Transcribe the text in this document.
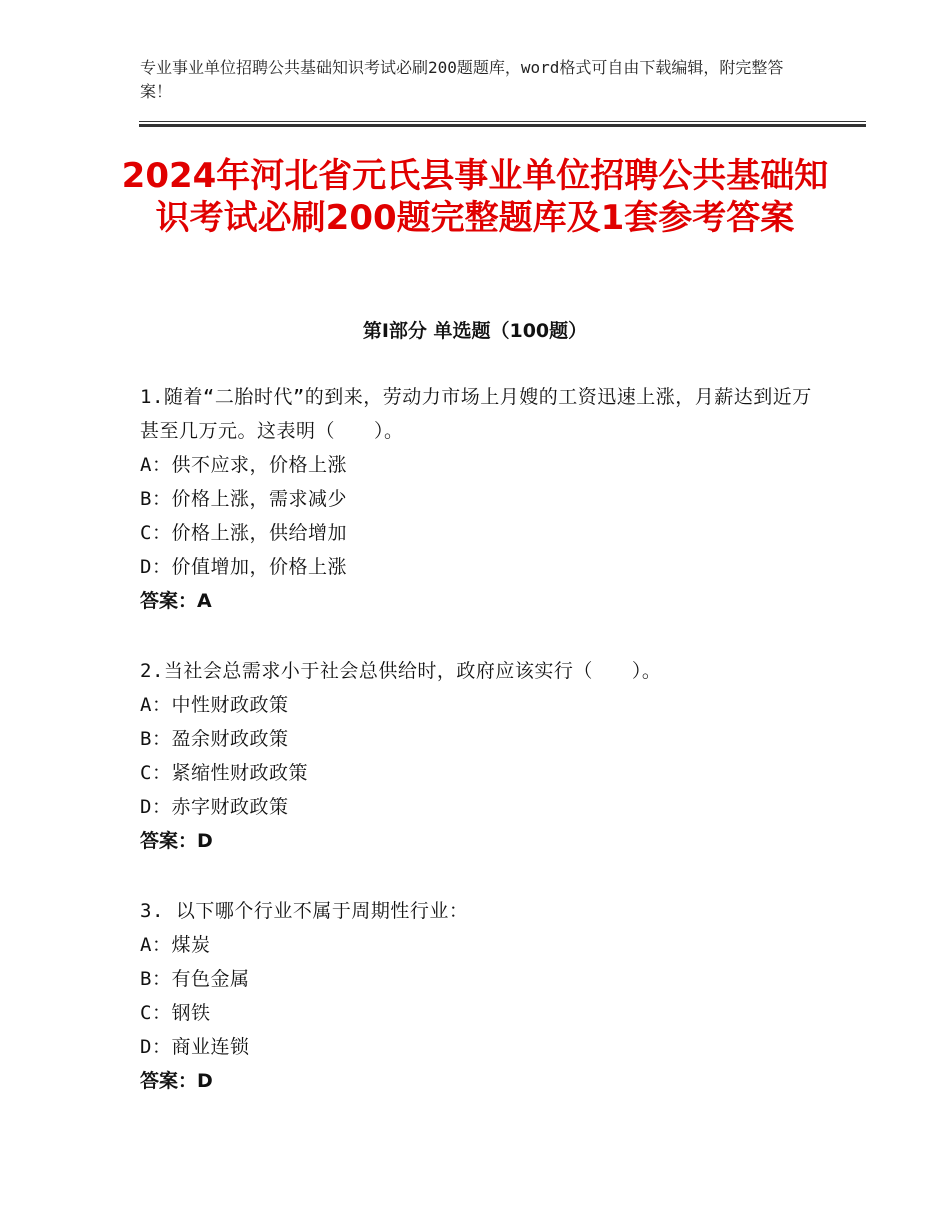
专业事业单位招聘公共基础知识考试必刷200题题库，word格式可自由下载编辑，附完整答案！
2024年河北省元氏县事业单位招聘公共基础知识考试必刷200题完整题库及1套参考答案
第Ⅰ部分 单选题（100题）

1.随着“二胎时代”的到来，劳动力市场上月嫂的工资迅速上涨，月薪达到近万甚至几万元。这表明（　　）。

A：供不应求，价格上涨
B：价格上涨，需求减少
C：价格上涨，供给增加
D：价值增加，价格上涨
答案：A

2.当社会总需求小于社会总供给时，政府应该实行（　　）。

A：中性财政政策
B：盈余财政政策
C：紧缩性财政政策
D：赤字财政政策
答案：D

3. 以下哪个行业不属于周期性行业：

A：煤炭
B：有色金属
C：钢铁
D：商业连锁
答案：D
